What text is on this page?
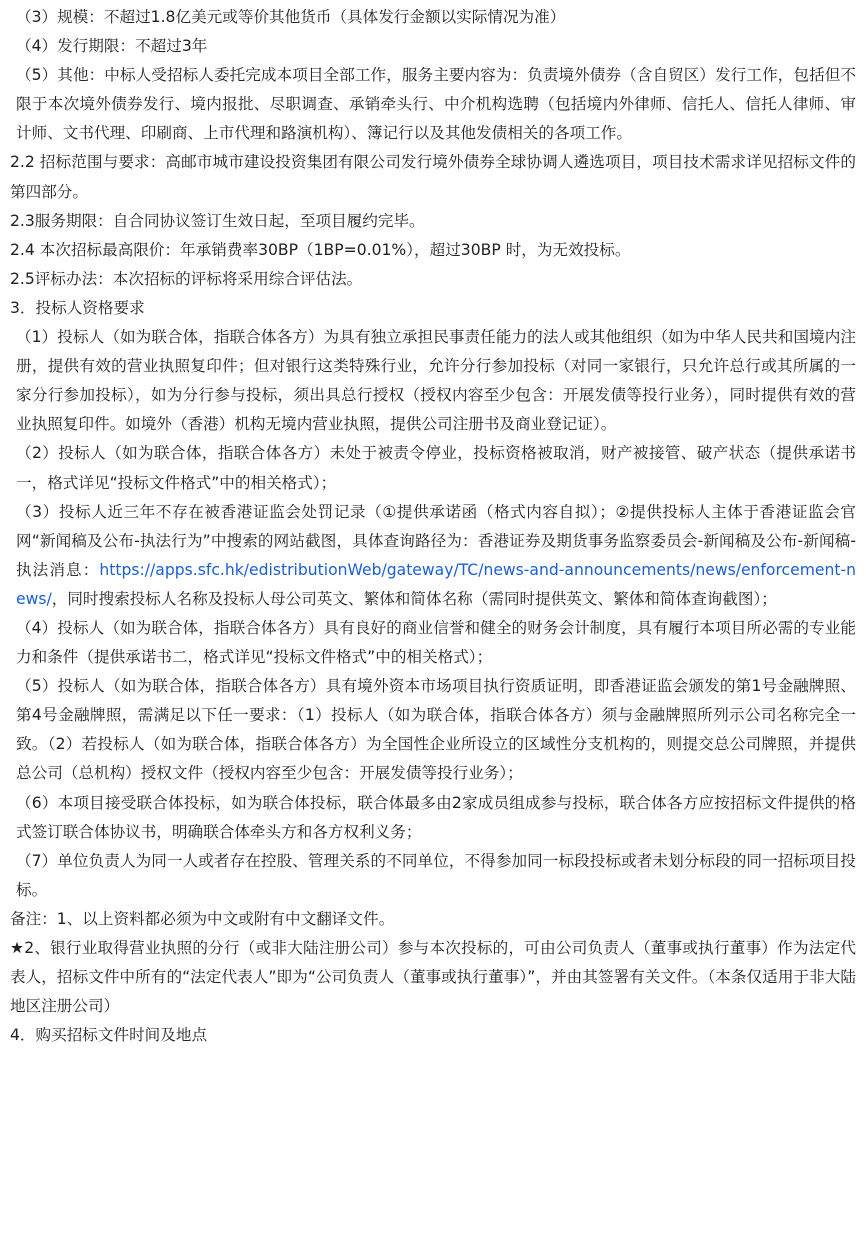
（3）规模：不超过1.8亿美元或等价其他货币（具体发行金额以实际情况为准）

（4）发行期限：不超过3年

（5）其他：中标人受招标人委托完成本项目全部工作，服务主要内容为：负责境外债券（含自贸区）发行工作，包括但不限于本次境外债券发行、境内报批、尽职调查、承销牵头行、中介机构选聘（包括境内外律师、信托人、信托人律师、审计师、文书代理、印刷商、上市代理和路演机构）、簿记行以及其他发债相关的各项工作。

2.2 招标范围与要求：高邮市城市建设投资集团有限公司发行境外债券全球协调人遴选项目，项目技术需求详见招标文件的第四部分。

2.3服务期限：自合同协议签订生效日起，至项目履约完毕。

2.4 本次招标最高限价：年承销费率30BP（1BP=0.01%），超过30BP 时，为无效投标。

2.5评标办法：本次招标的评标将采用综合评估法。

3．投标人资格要求

（1）投标人（如为联合体，指联合体各方）为具有独立承担民事责任能力的法人或其他组织（如为中华人民共和国境内注册，提供有效的营业执照复印件；但对银行这类特殊行业，允许分行参加投标（对同一家银行，只允许总行或其所属的一家分行参加投标），如为分行参与投标，须出具总行授权（授权内容至少包含：开展发债等投行业务），同时提供有效的营业执照复印件。如境外（香港）机构无境内营业执照，提供公司注册书及商业登记证）。

（2）投标人（如为联合体，指联合体各方）未处于被责令停业，投标资格被取消，财产被接管、破产状态（提供承诺书一，格式详见“投标文件格式”中的相关格式）；

（3）投标人近三年不存在被香港证监会处罚记录（①提供承诺函（格式内容自拟）；②提供投标人主体于香港证监会官网“新闻稿及公布-执法行为”中搜索的网站截图，具体查询路径为：香港证券及期货事务监察委员会-新闻稿及公布-新闻稿-执法消息：https://apps.sfc.hk/edistributionWeb/gateway/TC/news-and-announcements/news/enforcement-news/，同时搜索投标人名称及投标人母公司英文、繁体和简体名称（需同时提供英文、繁体和简体查询截图）；

（4）投标人（如为联合体，指联合体各方）具有良好的商业信誉和健全的财务会计制度，具有履行本项目所必需的专业能力和条件（提供承诺书二，格式详见“投标文件格式”中的相关格式）；

（5）投标人（如为联合体，指联合体各方）具有境外资本市场项目执行资质证明，即香港证监会颁发的第1号金融牌照、第4号金融牌照，需满足以下任一要求：（1）投标人（如为联合体，指联合体各方）须与金融牌照所列示公司名称完全一致。（2）若投标人（如为联合体，指联合体各方）为全国性企业所设立的区域性分支机构的，则提交总公司牌照，并提供总公司（总机构）授权文件（授权内容至少包含：开展发债等投行业务）；

（6）本项目接受联合体投标，如为联合体投标，联合体最多由2家成员组成参与投标，联合体各方应按招标文件提供的格式签订联合体协议书，明确联合体牵头方和各方权利义务；

（7）单位负责人为同一人或者存在控股、管理关系的不同单位，不得参加同一标段投标或者未划分标段的同一招标项目投标。

备注：1、以上资料都必须为中文或附有中文翻译文件。

★2、银行业取得营业执照的分行（或非大陆注册公司）参与本次投标的，可由公司负责人（董事或执行董事）作为法定代表人，招标文件中所有的“法定代表人”即为“公司负责人（董事或执行董事）”，并由其签署有关文件。（本条仅适用于非大陆地区注册公司）

4．购买招标文件时间及地点
